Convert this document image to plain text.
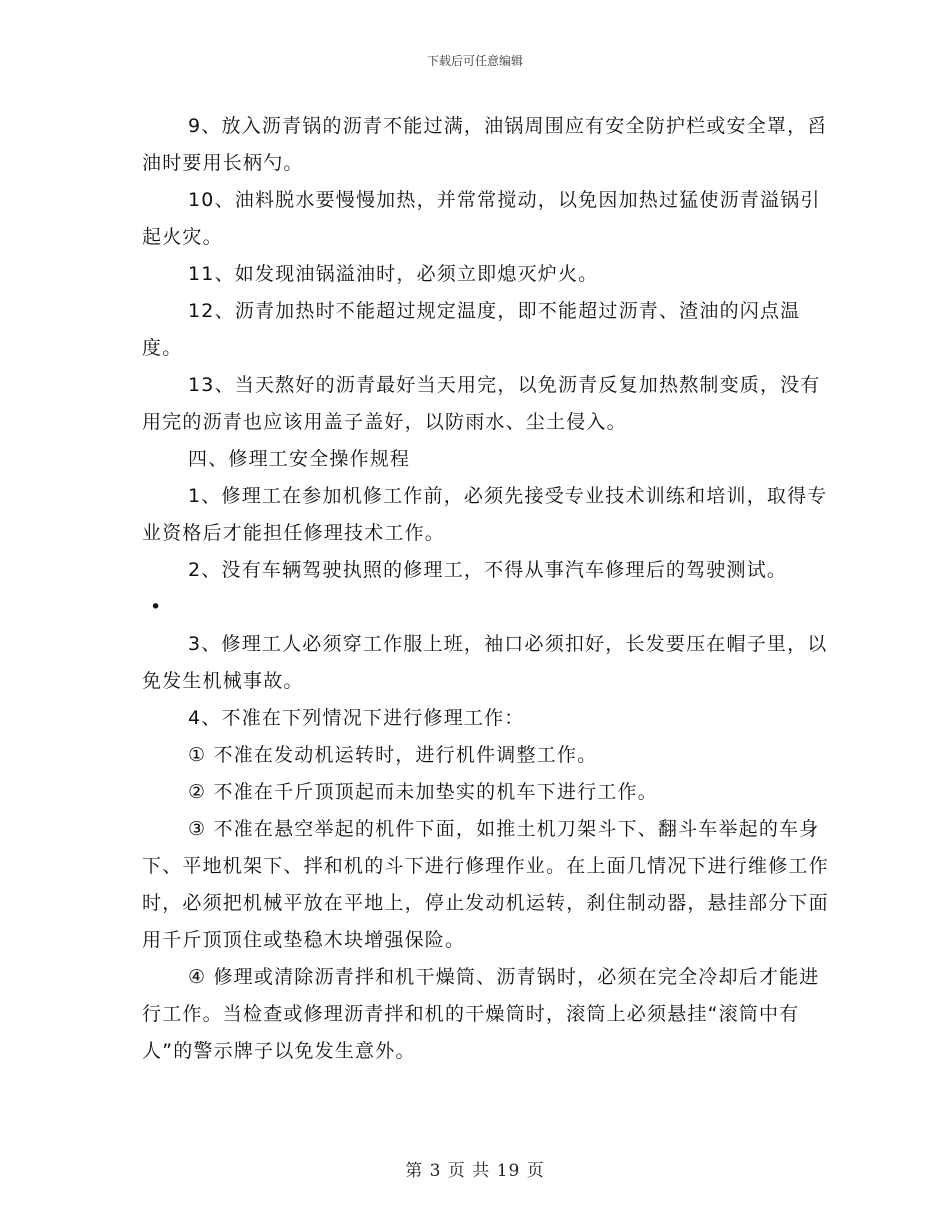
下载后可任意编辑

9、放入沥青锅的沥青不能过满，油锅周围应有安全防护栏或安全罩，舀油时要用长柄勺。

10、油料脱水要慢慢加热，并常常搅动，以免因加热过猛使沥青溢锅引起火灾。

11、如发现油锅溢油时，必须立即熄灭炉火。

12、沥青加热时不能超过规定温度，即不能超过沥青、渣油的闪点温度。

13、当天熬好的沥青最好当天用完，以免沥青反复加热熬制变质，没有用完的沥青也应该用盖子盖好，以防雨水、尘土侵入。

四、修理工安全操作规程

1、修理工在参加机修工作前，必须先接受专业技术训练和培训，取得专业资格后才能担任修理技术工作。

2、没有车辆驾驶执照的修理工，不得从事汽车修理后的驾驶测试。

•

3、修理工人必须穿工作服上班，袖口必须扣好，长发要压在帽子里，以免发生机械事故。

4、不准在下列情况下进行修理工作：

① 不准在发动机运转时，进行机件调整工作。

② 不准在千斤顶顶起而未加垫实的机车下进行工作。

③ 不准在悬空举起的机件下面，如推土机刀架斗下、翻斗车举起的车身下、平地机架下、拌和机的斗下进行修理作业。在上面几情况下进行维修工作时，必须把机械平放在平地上，停止发动机运转，刹住制动器，悬挂部分下面用千斤顶顶住或垫稳木块增强保险。

④ 修理或清除沥青拌和机干燥筒、沥青锅时，必须在完全冷却后才能进行工作。当检查或修理沥青拌和机的干燥筒时，滚筒上必须悬挂“滚筒中有人”的警示牌子以免发生意外。

第 3 页 共 19 页
